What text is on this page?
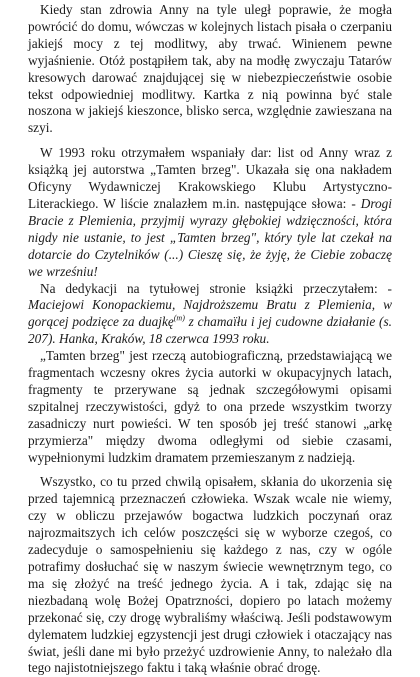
Kiedy stan zdrowia Anny na tyle uległ poprawie, że mogła powrócić do domu, wówczas w kolejnych listach pisała o czerpaniu jakiejś mocy z tej modlitwy, aby trwać. Winienem pewne wyjaśnienie. Otóż postąpiłem tak, aby na modłę zwyczaju Tatarów kresowych darować znajdującej się w niebezpieczeństwie osobie tekst odpowiedniej modlitwy. Kartka z nią powinna być stale noszona w jakiejś kieszonce, blisko serca, względnie zawieszana na szyi.

W 1993 roku otrzymałem wspaniały dar: list od Anny wraz z książką jej autorstwa „Tamten brzeg". Ukazała się ona nakładem Oficyny Wydawniczej Krakowskiego Klubu Artystyczno-Literackiego. W liście znalazłem m.in. następujące słowa: - Drogi Bracie z Plemienia, przyjmij wyrazy głębokiej wdzięczności, która nigdy nie ustanie, to jest „Tamten brzeg", który tyle lat czekał na dotarcie do Czytelników (...) Cieszę się, że żyję, że Ciebie zobaczę we wrześniu!

Na dedykacji na tytułowej stronie książki przeczytałem: - Maciejowi Konopackiemu, Najdroższemu Bratu z Plemienia, w gorącej podzięce za duajkę$^{(m)}$ z chamaïłu i jej cudowne działanie (s. 207). Hanka, Kraków, 18 czerwca 1993 roku.

„Tamten brzeg" jest rzeczą autobiograficzną, przedstawiającą we fragmentach wczesny okres życia autorki w okupacyjnych latach, fragmenty te przerywane są jednak szczegółowymi opisami szpitalnej rzeczywistości, gdyż to ona przede wszystkim tworzy zasadniczy nurt powieści. W ten sposób jej treść stanowi „arkę przymierza" między dwoma odległymi od siebie czasami, wypełnionymi ludzkim dramatem przemieszanym z nadzieją.

Wszystko, co tu przed chwilą opisałem, skłania do ukorzenia się przed tajemnicą przeznaczeń człowieka. Wszak wcale nie wiemy, czy w obliczu przejawów bogactwa ludzkich poczynań oraz najrozmaitszych ich celów poszczęści się w wyborze czegoś, co zadecyduje o samospełnieniu się każdego z nas, czy w ogóle potrafimy dosłuchać się w naszym świecie wewnętrznym tego, co ma się złożyć na treść jednego życia. A i tak, zdając się na niezbadaną wolę Bożej Opatrzności, dopiero po latach możemy przekonać się, czy drogę wybraliśmy właściwą. Jeśli podstawowym dylematem ludzkiej egzystencji jest drugi człowiek i otaczający nas świat, jeśli dane mi było przeżyć uzdrowienie Anny, to należało dla tego najistotniejszego faktu i taką właśnie obrać drogę.
